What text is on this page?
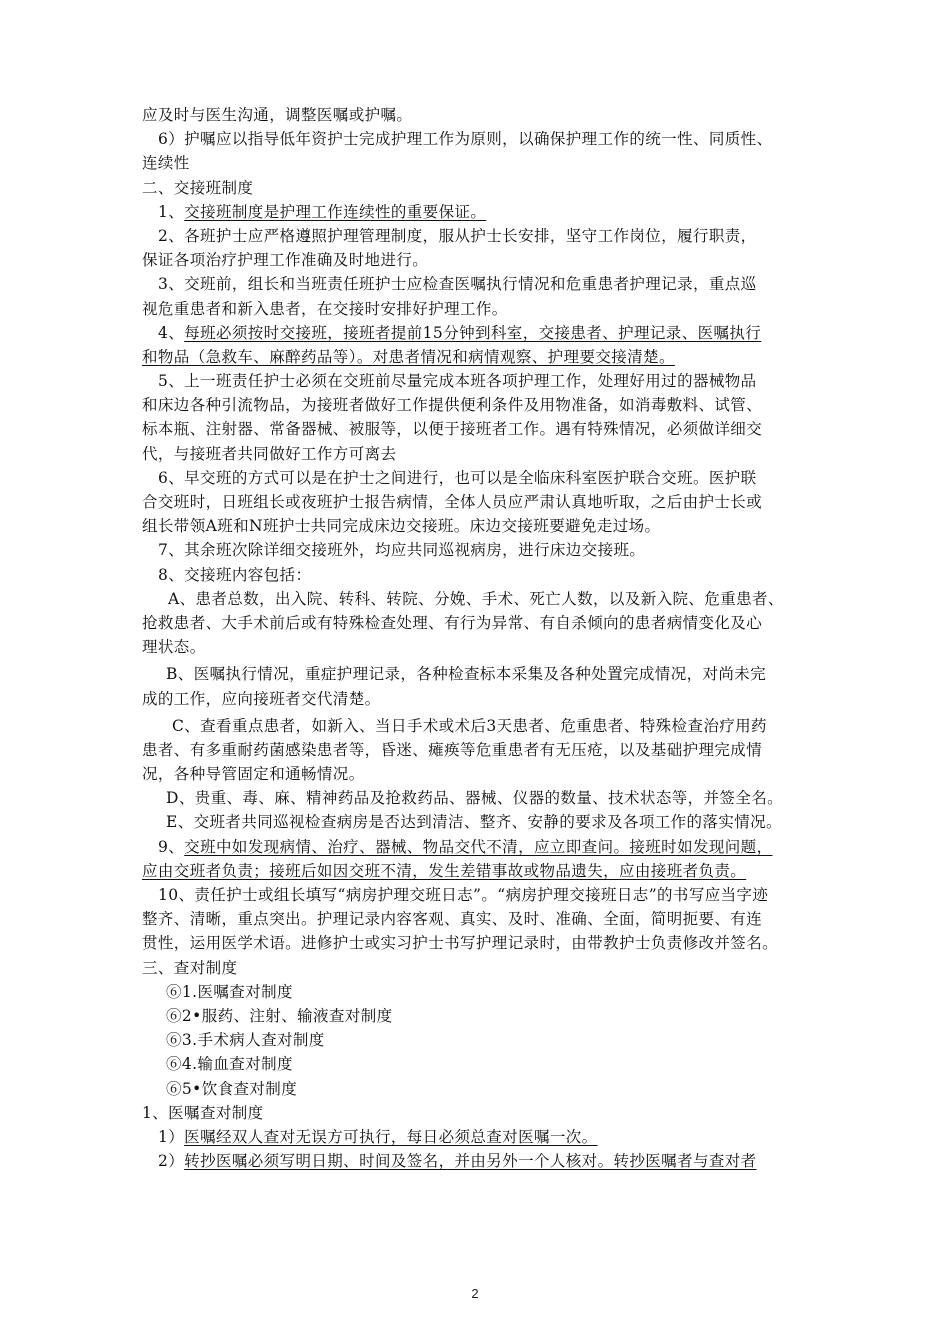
应及时与医生沟通，调整医嘱或护嘱。
6）护嘱应以指导低年资护士完成护理工作为原则，以确保护理工作的统一性、同质性、
连续性
二、交接班制度
1、交接班制度是护理工作连续性的重要保证。
2、各班护士应严格遵照护理管理制度，服从护士长安排，坚守工作岗位，履行职责，
保证各项治疗护理工作准确及时地进行。
3、交班前，组长和当班责任班护士应检查医嘱执行情况和危重患者护理记录，重点巡
视危重患者和新入患者，在交接时安排好护理工作。
4、每班必须按时交接班，接班者提前15分钟到科室，交接患者、护理记录、医嘱执行
和物品（急救车、麻醉药品等）。对患者情况和病情观察、护理要交接清楚。
5、上一班责任护士必须在交班前尽量完成本班各项护理工作，处理好用过的器械物品
和床边各种引流物品，为接班者做好工作提供便利条件及用物准备，如消毒敷料、试管、
标本瓶、注射器、常备器械、被服等，以便于接班者工作。遇有特殊情况，必须做详细交
代，与接班者共同做好工作方可离去
6、早交班的方式可以是在护士之间进行，也可以是全临床科室医护联合交班。医护联
合交班时，日班组长或夜班护士报告病情，全体人员应严肃认真地听取，之后由护士长或
组长带领A班和N班护士共同完成床边交接班。床边交接班要避免走过场。
7、其余班次除详细交接班外，均应共同巡视病房，进行床边交接班。
8、交接班内容包括：
A、患者总数，出入院、转科、转院、分娩、手术、死亡人数，以及新入院、危重患者、
抢救患者、大手术前后或有特殊检查处理、有行为异常、有自杀倾向的患者病情变化及心
理状态。
B、医嘱执行情况，重症护理记录，各种检查标本采集及各种处置完成情况，对尚未完
成的工作，应向接班者交代清楚。
C、查看重点患者，如新入、当日手术或术后3天患者、危重患者、特殊检查治疗用药
患者、有多重耐药菌感染患者等，昏迷、瘫痪等危重患者有无压疮，以及基础护理完成情
况，各种导管固定和通畅情况。
D、贵重、毒、麻、精神药品及抢救药品、器械、仪器的数量、技术状态等，并签全名。
E、交班者共同巡视检查病房是否达到清洁、整齐、安静的要求及各项工作的落实情况。
9、交班中如发现病情、治疗、器械、物品交代不清，应立即查问。接班时如发现问题，
应由交班者负责；接班后如因交班不清，发生差错事故或物品遗失，应由接班者负责。
10、责任护士或组长填写“病房护理交班日志”。“病房护理交接班日志”的书写应当字迹
整齐、清晰，重点突出。护理记录内容客观、真实、及时、准确、全面，简明扼要、有连
贯性，运用医学术语。进修护士或实习护士书写护理记录时，由带教护士负责修改并签名。
三、查对制度
⑥1.医嘱查对制度
⑥2•服药、注射、输液查对制度
⑥3.手术病人查对制度
⑥4.输血查对制度
⑥5•饮食查对制度
1、医嘱查对制度
1）医嘱经双人查对无误方可执行，每日必须总查对医嘱一次。
2）转抄医嘱必须写明日期、时间及签名，并由另外一个人核对。转抄医嘱者与查对者
2
